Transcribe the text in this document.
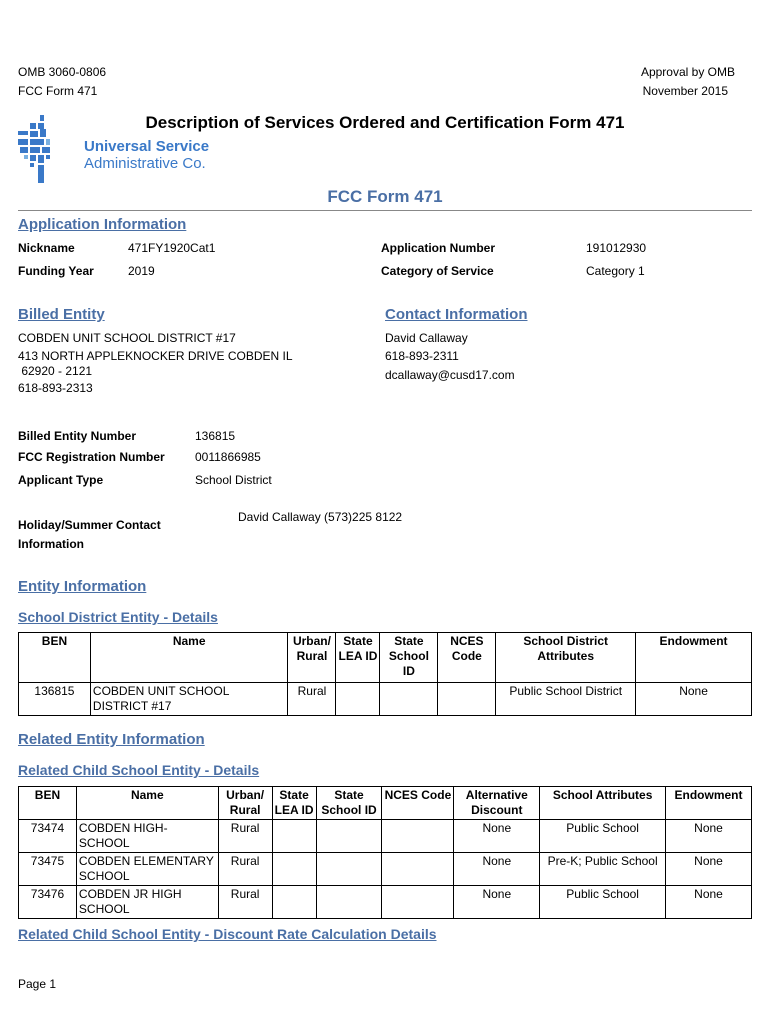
OMB 3060-0806
FCC Form 471
Approval by OMB
November 2015
Universal Service
Administrative Co.
Description of Services Ordered and Certification Form 471
FCC Form 471
Application Information
Nickname	471FY1920Cat1
Funding Year	2019
Application Number	191012930
Category of Service	Category 1
Billed Entity
COBDEN UNIT SCHOOL DISTRICT #17
413 NORTH APPLEKNOCKER DRIVE COBDEN IL
62920 - 2121
618-893-2313
Contact Information
David Callaway
618-893-2311
dcallaway@cusd17.com
Billed Entity Number	136815
FCC Registration Number	0011866985
Applicant Type	School District
Holiday/Summer Contact
Information
David Callaway (573)225 8122
Entity Information
School District Entity - Details
BEN	Name	Urban/ Rural	State LEA ID	State School ID	NCES Code	School District Attributes	Endowment
136815	COBDEN UNIT SCHOOL DISTRICT #17	Rural				Public School District	None
Related Entity Information
Related Child School Entity - Details
BEN	Name	Urban/ Rural	State LEA ID	State School ID	NCES Code	Alternative Discount	School Attributes	Endowment
73474	COBDEN HIGH-SCHOOL	Rural				None	Public School	None
73475	COBDEN ELEMENTARY SCHOOL	Rural				None	Pre-K; Public School	None
73476	COBDEN JR HIGH SCHOOL	Rural				None	Public School	None
Related Child School Entity - Discount Rate Calculation Details
Page 1
